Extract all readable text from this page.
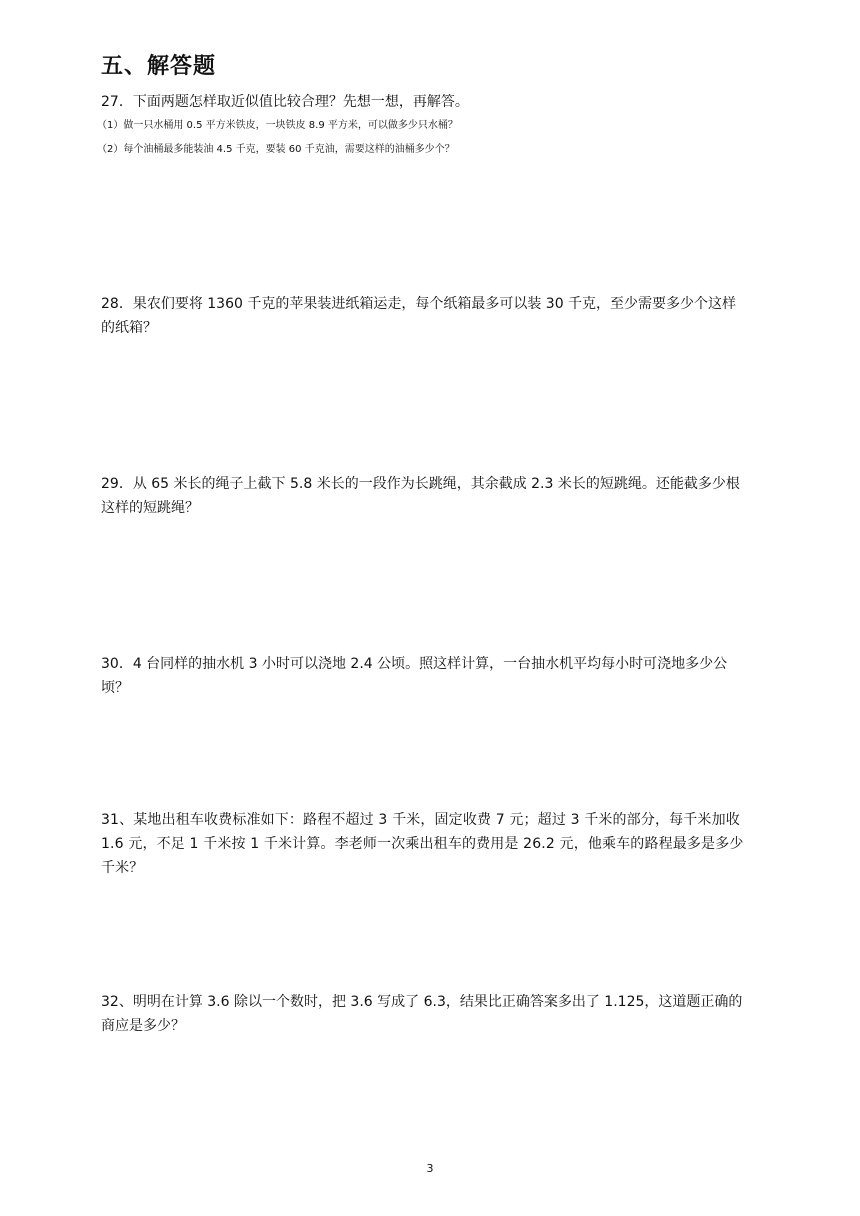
五、解答题
27．下面两题怎样取近似值比较合理？先想一想，再解答。
（1）做一只水桶用 0.5 平方米铁皮，一块铁皮 8.9 平方米，可以做多少只水桶？
（2）每个油桶最多能装油 4.5 千克，要装 60 千克油，需要这样的油桶多少个？
28．果农们要将 1360 千克的苹果装进纸箱运走，每个纸箱最多可以装 30 千克，至少需要多少个这样
的纸箱？
29．从 65 米长的绳子上截下 5.8 米长的一段作为长跳绳，其余截成 2.3 米长的短跳绳。还能截多少根
这样的短跳绳？
30．4 台同样的抽水机 3 小时可以浇地 2.4 公顷。照这样计算，一台抽水机平均每小时可浇地多少公
顷？
31、某地出租车收费标准如下：路程不超过 3 千米，固定收费 7 元；超过 3 千米的部分，每千米加收
1.6 元，不足 1 千米按 1 千米计算。李老师一次乘出租车的费用是 26.2 元，他乘车的路程最多是多少
千米？
32、明明在计算 3.6 除以一个数时，把 3.6 写成了 6.3，结果比正确答案多出了 1.125，这道题正确的
商应是多少？
3
